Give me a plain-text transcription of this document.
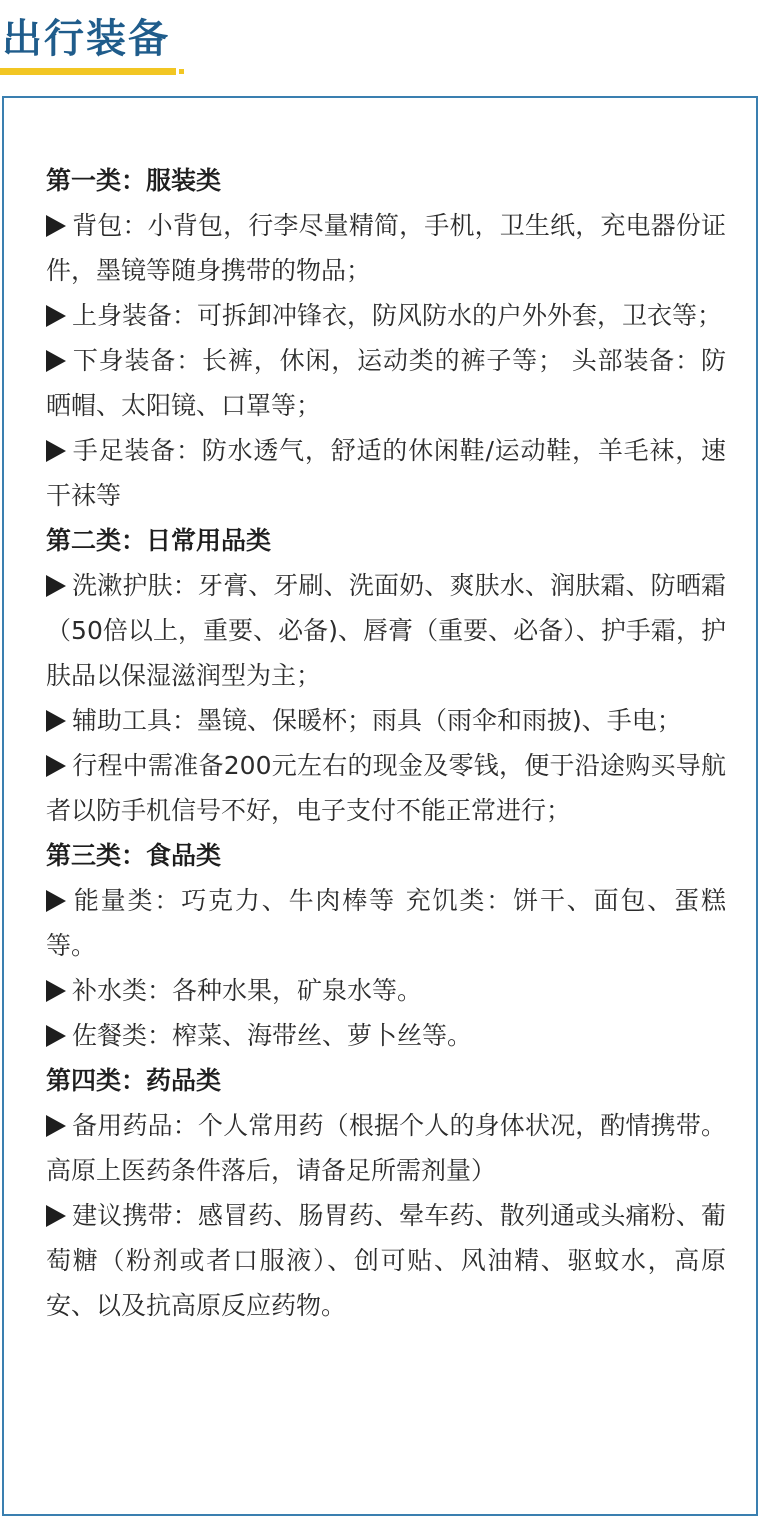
出行装备

第一类：服装类

背包：小背包，行李尽量精简，手机，卫生纸，充电器份证件，墨镜等随身携带的物品；

上身装备：可拆卸冲锋衣，防风防水的户外外套，卫衣等；

下身装备：长裤，休闲，运动类的裤子等； 头部装备：防晒帽、太阳镜、口罩等；

手足装备：防水透气，舒适的休闲鞋/运动鞋，羊毛袜，速干袜等

第二类：日常用品类

洗漱护肤：牙膏、牙刷、洗面奶、爽肤水、润肤霜、防晒霜（50倍以上，重要、必备)、唇膏（重要、必备）、护手霜，护肤品以保湿滋润型为主；

辅助工具：墨镜、保暖杯；雨具（雨伞和雨披)、手电；

行程中需准备200元左右的现金及零钱，便于沿途购买导航者以防手机信号不好，电子支付不能正常进行；

第三类：食品类

能量类：巧克力、牛肉棒等 充饥类：饼干、面包、蛋糕等。

补水类：各种水果，矿泉水等。

佐餐类：榨菜、海带丝、萝卜丝等。

第四类：药品类

备用药品：个人常用药（根据个人的身体状况，酌情携带。高原上医药条件落后，请备足所需剂量）

建议携带：感冒药、肠胃药、晕车药、散列通或头痛粉、葡萄糖（粉剂或者口服液）、创可贴、风油精、驱蚊水，高原安、以及抗高原反应药物。
